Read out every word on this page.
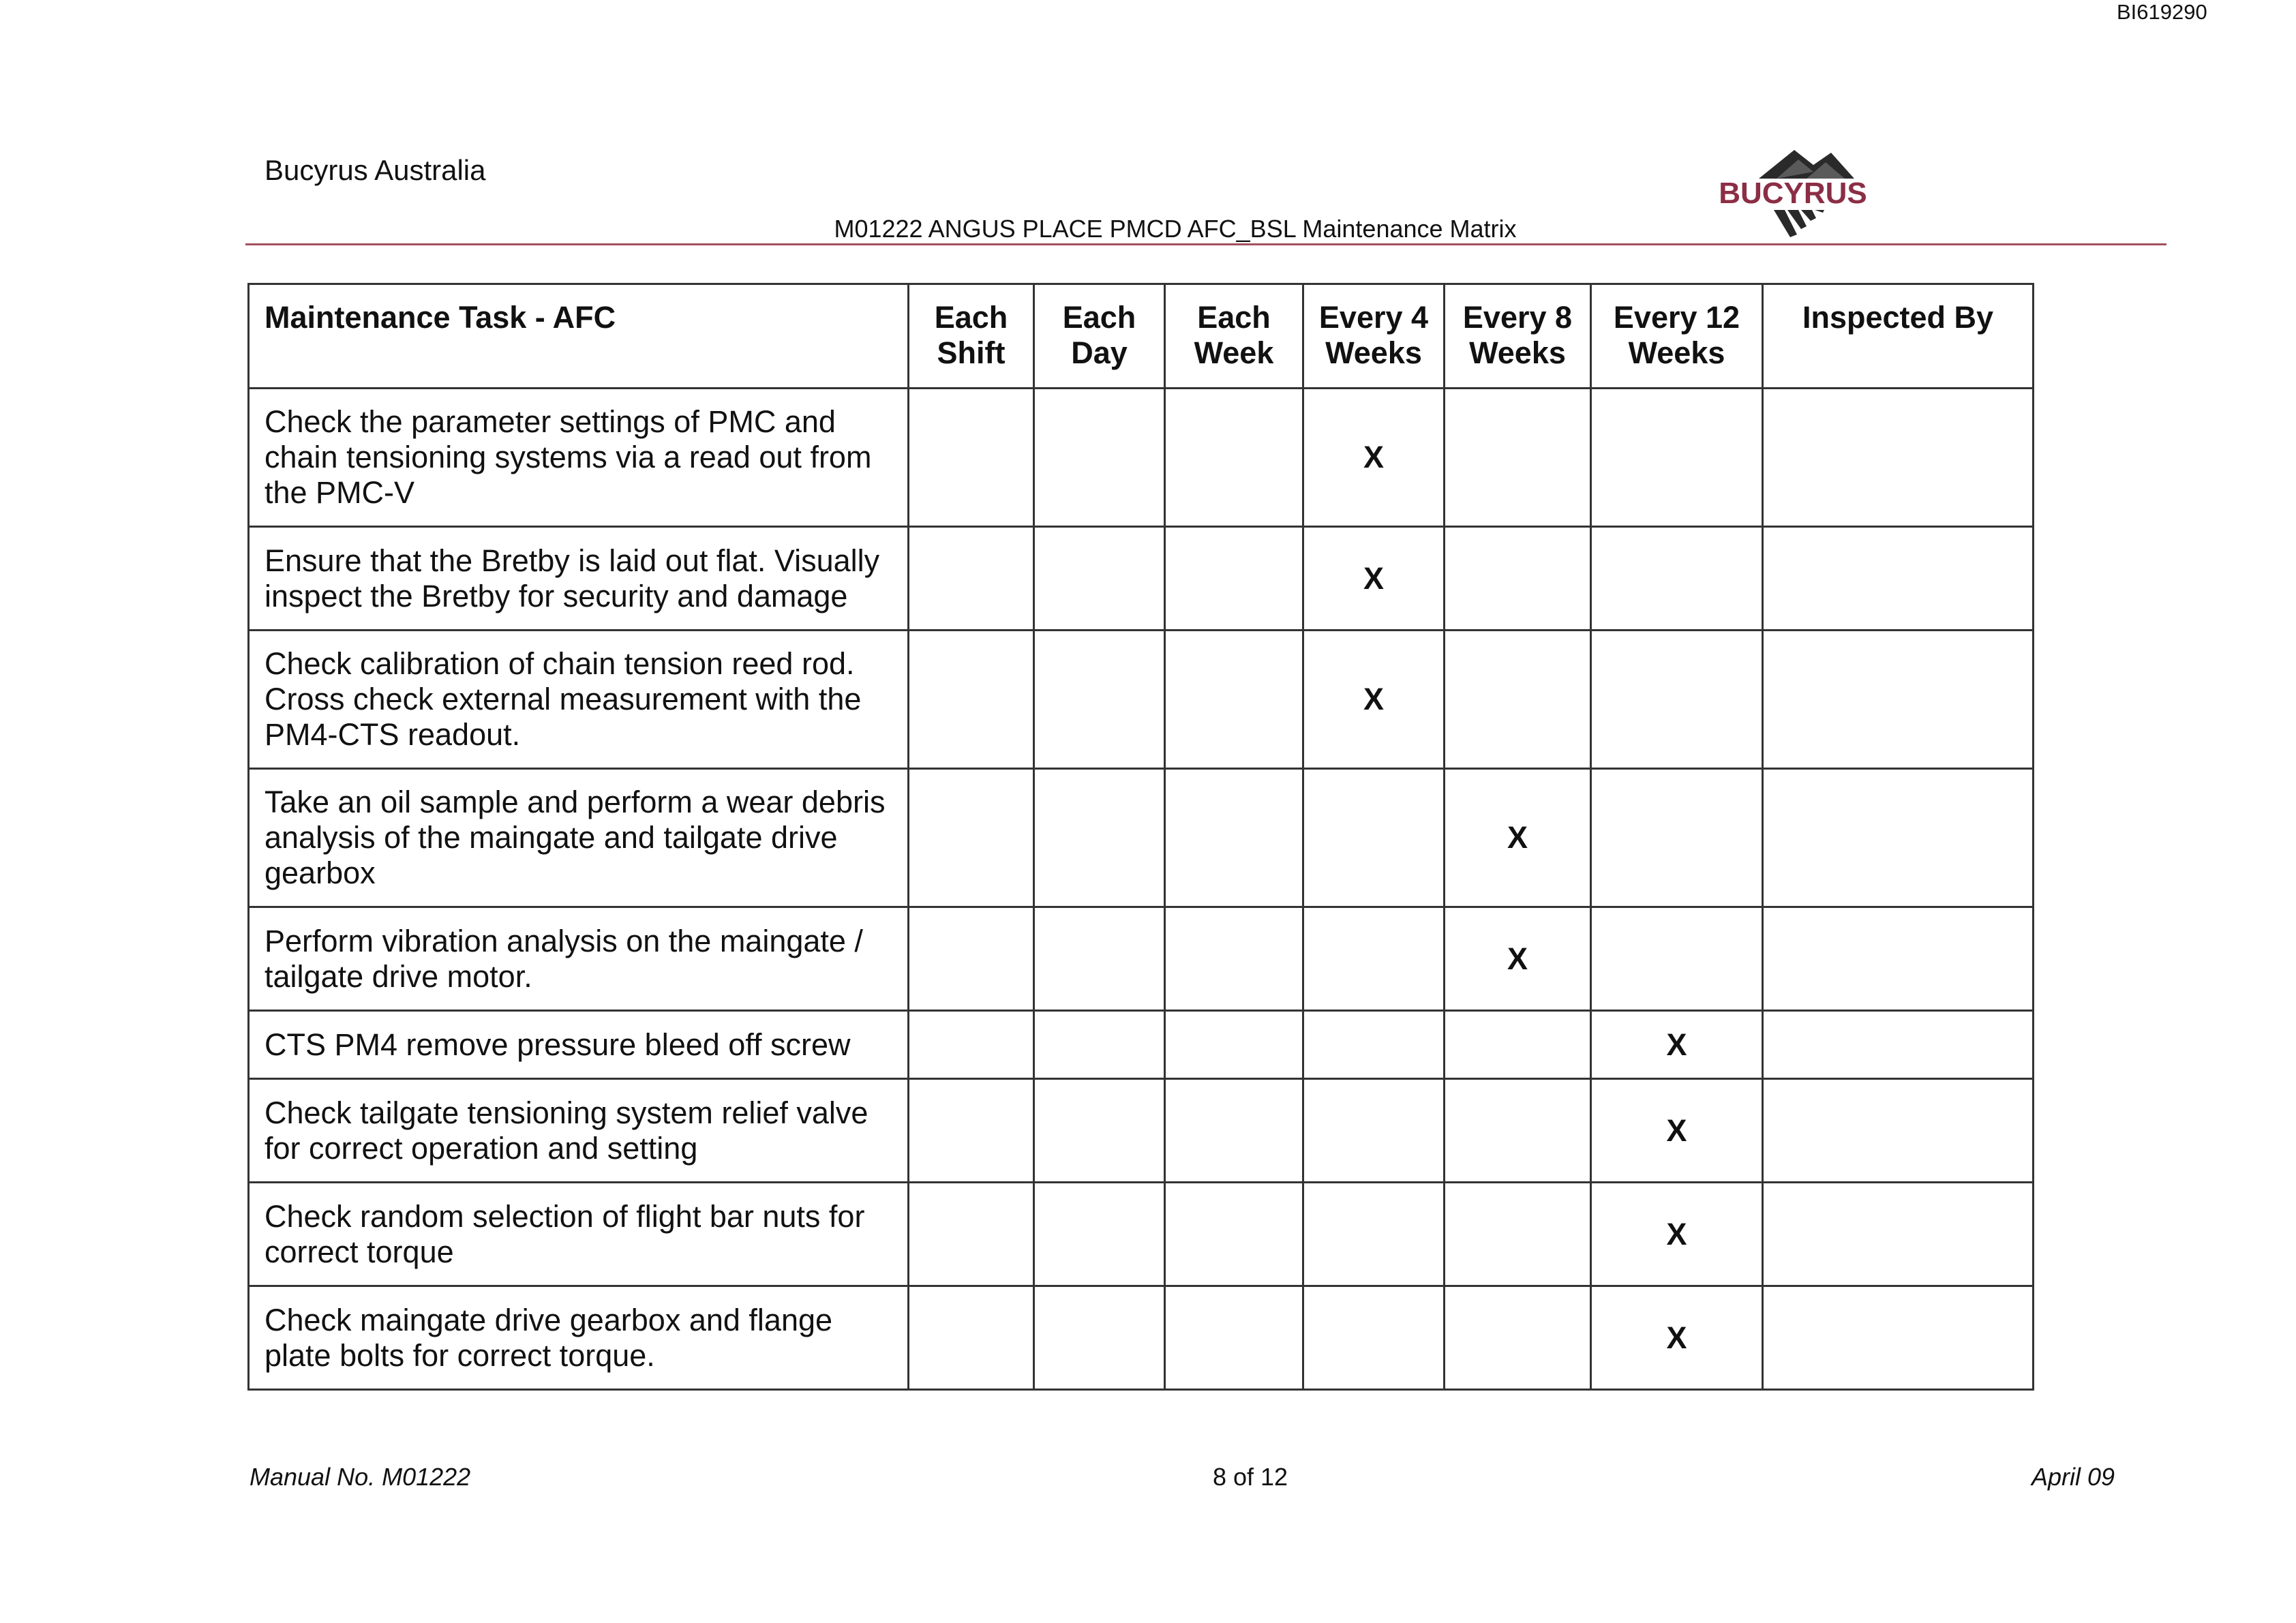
BI619290
Bucyrus Australia
M01222 ANGUS PLACE PMCD AFC_BSL Maintenance Matrix
BUCYRUS
Maintenance Task - AFC	Each Shift	Each Day	Each Week	Every 4 Weeks	Every 8 Weeks	Every 12 Weeks	Inspected By
Check the parameter settings of PMC and chain tensioning systems via a read out from the PMC-V				X			
Ensure that the Bretby is laid out flat. Visually inspect the Bretby for security and damage				X			
Check calibration of chain tension reed rod. Cross check external measurement with the PM4-CTS readout.				X			
Take an oil sample and perform a wear debris analysis of the maingate and tailgate drive gearbox					X		
Perform vibration analysis on the maingate / tailgate drive motor.					X		
CTS PM4 remove pressure bleed off screw						X	
Check tailgate tensioning system relief valve for correct operation and setting						X	
Check random selection of flight bar nuts for correct torque						X	
Check maingate drive gearbox and flange plate bolts for correct torque.						X	
Manual No. M01222	8 of 12	April 09
